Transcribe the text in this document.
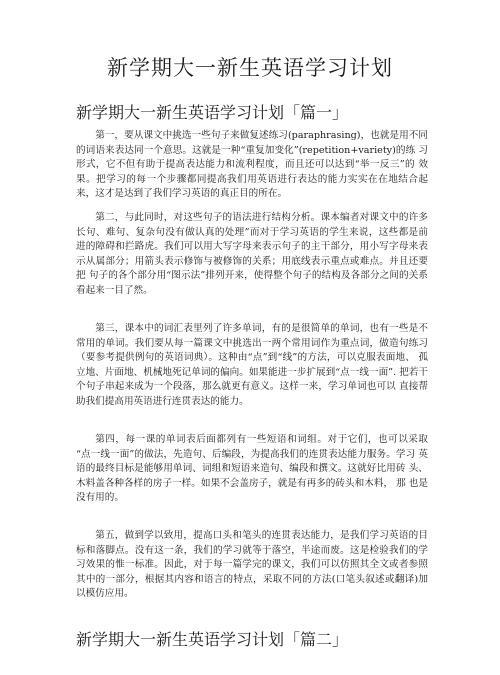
新学期大一新生英语学习计划
新学期大一新生英语学习计划「篇一」

第一，要从课文中挑选一些句子来做复述练习(paraphrasing)，也就是用不同 的词语来表达同一个意思。这就是一种“重复加变化”(repetition+variety)的练 习形式，它不但有助于提高表达能力和流利程度，而且还可以达到“举一反三”的 效果。把学习的每一个步骤都同提高我们用英语进行表达的能力实实在在地结合起 来，这才是达到了我们学习英语的真正目的所在。

第二，与此同时，对这些句子的语法进行结构分析。课本编者对课文中的许多 长句、难句、复杂句没有做认真的处理”而对于学习英语的学生来说，这些都是前 进的障碍和拦路虎。我们可以用大写字母来表示句子的主干部分，用小写字母来表 示从属部分；用箭头表示修饰与被修饰的关系；用底线表示重点或难点。并且还要把 句子的各个部分用“图示法”排列开来，使得整个句子的结构及各部分之间的关系 看起来一目了然。

第三，课本中的词汇表里列了许多单词，有的是很简单的单词，也有一些是不 常用的单词。我们要从每一篇课文中挑选出一两个常用词作为重点词，做造句练习（要参考提供例句的英语词典）。这种由“点”到“线”的方法，可以克服表面地、 孤立地、片面地、机械地死记单词的偏向。如果能进一步扩展到“点一线一面”. 把若干个句子串起来成为一个段落，那么就更有意义。这样一来，学习单词也可以 直接帮助我们提高用英语进行连贯表达的能力。

第四，每一课的单词表后面都列有一些短语和词组。对于它们，也可以采取 “点一线一面”的做法，先造句、后编段，为提高我们的连贯表达能力服务。学习 英语的最终目标是能够用单词、词组和短语来造句、编段和撰文。这就好比用砖 头、木料盖各种各样的房子一样。如果不会盖房子，就是有再多的砖头和木料， 那 也是没有用的。

第五，做到学以致用，提高口头和笔头的连贯表达能力，是我们学习英语的目 标和落脚点。没有这一条，我们的学习就等于落空，半途而废。这是检验我们的学 习效果的惟一标准。因此，对于每一篇学完的课文，我们可以仿照其全文或者参照 其中的一部分，根据其内容和语言的特点，采取不同的方法(口笔头叙述或翻译)加 以模仿应用。

新学期大一新生英语学习计划「篇二」
